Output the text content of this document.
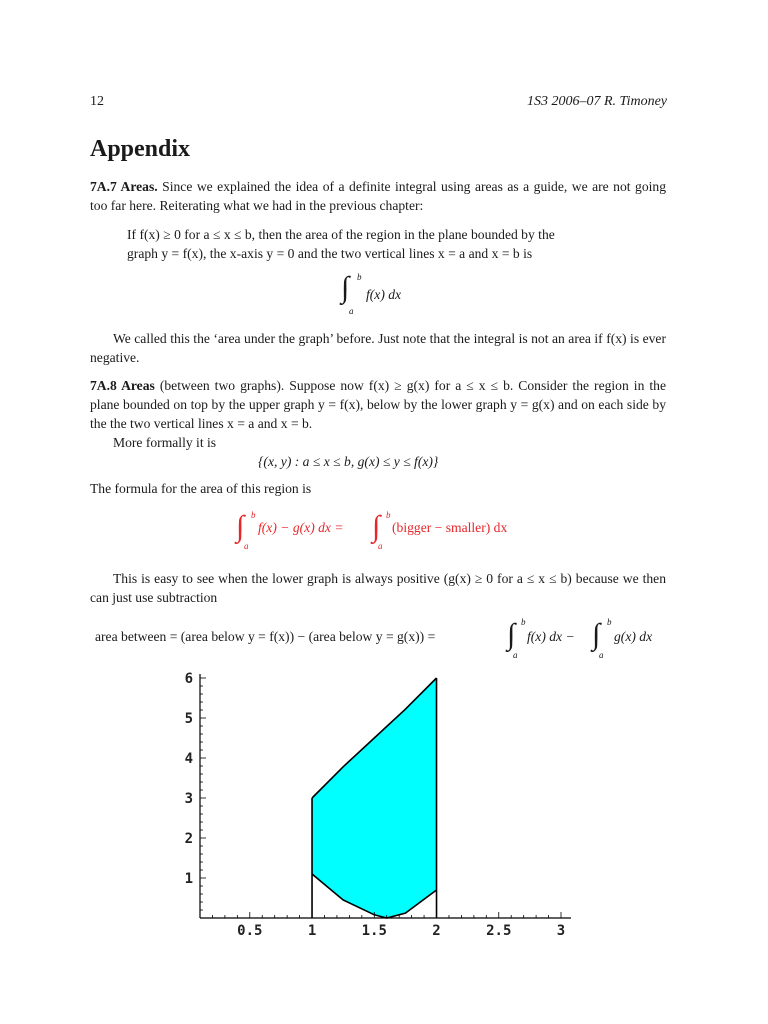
12	1S3 2006–07 R. Timoney
Appendix
7A.7 Areas. Since we explained the idea of a definite integral using areas as a guide, we are not going too far here. Reiterating what we had in the previous chapter:
If f(x) ≥ 0 for a ≤ x ≤ b, then the area of the region in the plane bounded by the
graph y = f(x), the x-axis y = 0 and the two vertical lines x = a and x = b is
∫ b
a
f(x) dx
We called this the ‘area under the graph’ before. Just note that the integral is not an area if f(x) is ever negative.
7A.8 Areas (between two graphs). Suppose now f(x) ≥ g(x) for a ≤ x ≤ b. Consider the region in the plane bounded on top by the upper graph y = f(x), below by the lower graph y = g(x) and on each side by the the two vertical lines x = a and x = b.
More formally it is
{(x, y) : a ≤ x ≤ b, g(x) ≤ y ≤ f(x)}
The formula for the area of this region is
∫ b
a
f(x) − g(x) dx = ∫ b
a
(bigger − smaller) dx
This is easy to see when the lower graph is always positive (g(x) ≥ 0 for a ≤ x ≤ b) because we then can just use subtraction
area between = (area below y = f(x)) − (area below y = g(x)) = ∫ b
a
f(x) dx − ∫ b
a
g(x) dx
0.5	1	1.5	2	2.5	3
1
2
3
4
5
6
